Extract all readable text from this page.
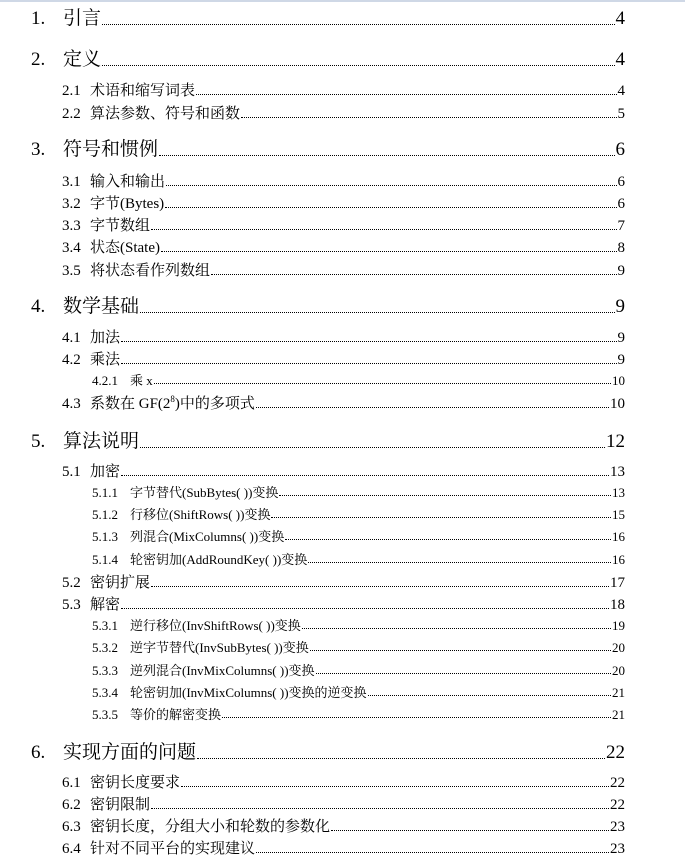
1. 引言	4
2. 定义	4
2.1 术语和缩写词表	4
2.2 算法参数、符号和函数	5
3. 符号和惯例	6
3.1 输入和输出	6
3.2 字节(Bytes)	6
3.3 字节数组	7
3.4 状态(State)	8
3.5 将状态看作列数组	9
4. 数学基础	9
4.1 加法	9
4.2 乘法	9
4.2.1 乘 x	10
4.3 系数在 $GF(2^8)$中的多项式	10
5. 算法说明	12
5.1 加密	13
5.1.1 字节替代(SubBytes( ))变换	13
5.1.2 行移位(ShiftRows( ))变换	15
5.1.3 列混合(MixColumns( ))变换	16
5.1.4 轮密钥加(AddRoundKey( ))变换	16
5.2 密钥扩展	17
5.3 解密	18
5.3.1 逆行移位(InvShiftRows( ))变换	19
5.3.2 逆字节替代(InvSubBytes( ))变换	20
5.3.3 逆列混合(InvMixColumns( ))变换	20
5.3.4 轮密钥加(InvMixColumns( ))变换的逆变换	21
5.3.5 等价的解密变换	21
6. 实现方面的问题	22
6.1 密钥长度要求	22
6.2 密钥限制	22
6.3 密钥长度，分组大小和轮数的参数化	23
6.4 针对不同平台的实现建议	23
